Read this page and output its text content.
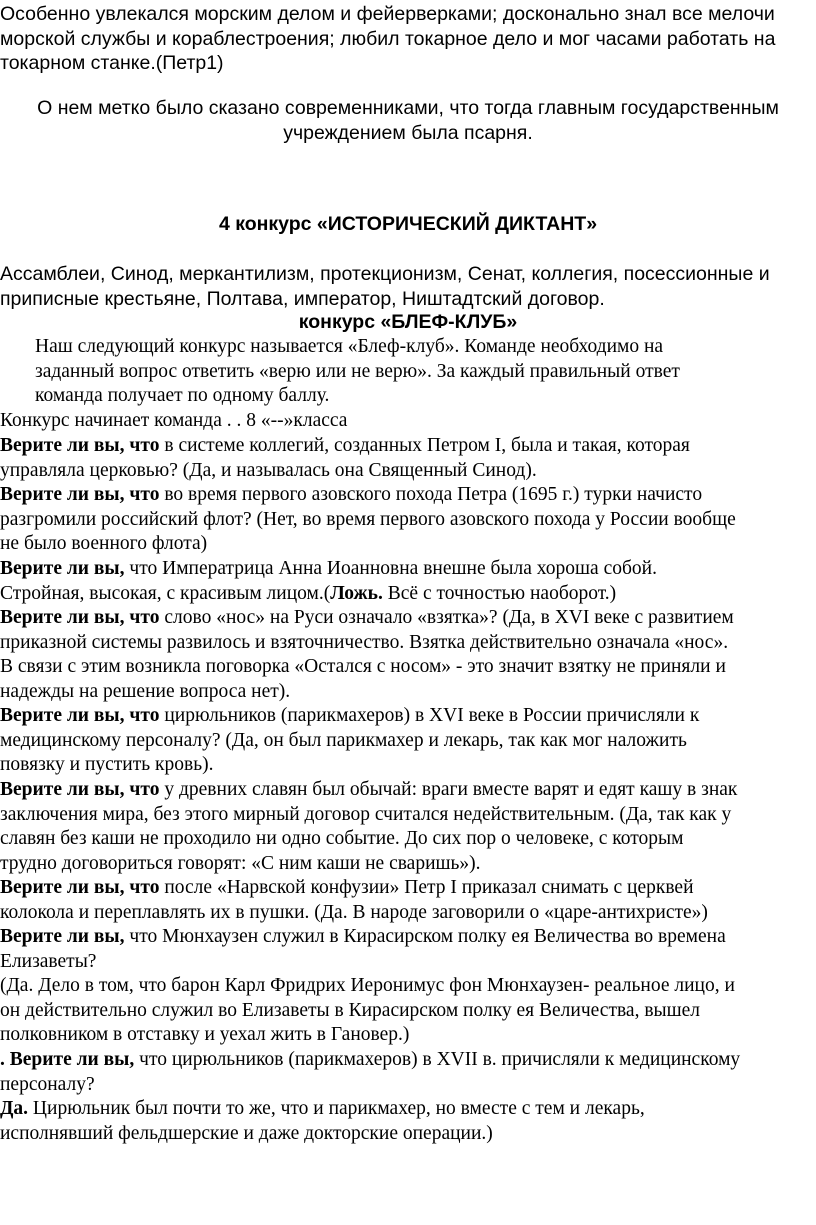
Особенно увлекался морским делом и фейерверками; досконально знал все мелочи
морской службы и кораблестроения; любил токарное дело и мог часами работать на
токарном станке.(Петр1)
О нем метко было сказано современниками, что тогда главным государственным
учреждением была псарня.
4 конкурс «ИСТОРИЧЕСКИЙ ДИКТАНТ»
Ассамблеи, Синод, меркантилизм, протекционизм, Сенат, коллегия, посессионные и
приписные крестьяне, Полтава, император, Ништадтский договор.
конкурс «БЛЕФ-КЛУБ»
Наш следующий конкурс называется «Блеф-клуб». Команде необходимо на
заданный вопрос ответить «верю или не верю». За каждый правильный ответ
команда получает по одному баллу.
Конкурс начинает команда . . 8 «--»класса
Верите ли вы, что в системе коллегий, созданных Петром I, была и такая, которая
управляла церковью? (Да, и называлась она Священный Синод).
Верите ли вы, что во время первого азовского похода Петра (1695 г.) турки начисто
разгромили российский флот? (Нет, во время первого азовского похода у России вообще
не было военного флота)
Верите ли вы, что Императрица Анна Иоанновна внешне была хороша собой.
Стройная, высокая, с красивым лицом.(Ложь. Всё с точностью наоборот.)
Верите ли вы, что слово «нос» на Руси означало «взятка»? (Да, в XVI веке с развитием
приказной системы развилось и взяточничество. Взятка действительно означала «нос».
В связи с этим возникла поговорка «Остался с носом» - это значит взятку не приняли и
надежды на решение вопроса нет).
Верите ли вы, что цирюльников (парикмахеров) в XVI веке в России причисляли к
медицинскому персоналу? (Да, он был парикмахер и лекарь, так как мог наложить
повязку и пустить кровь).
Верите ли вы, что у древних славян был обычай: враги вместе варят и едят кашу в знак
заключения мира, без этого мирный договор считался недействительным. (Да, так как у
славян без каши не проходило ни одно событие. До сих пор о человеке, с которым
трудно договориться говорят: «С ним каши не сваришь»).
Верите ли вы, что после «Нарвской конфузии» Петр I приказал снимать с церквей
колокола и переплавлять их в пушки. (Да. В народе заговорили о «царе-антихристе»)
Верите ли вы, что Мюнхаузен служил в Кирасирском полку ея Величества во времена
Елизаветы?
(Да. Дело в том, что барон Карл Фридрих Иеронимус фон Мюнхаузен- реальное лицо, и
он действительно служил во Елизаветы в Кирасирском полку ея Величества, вышел
полковником в отставку и уехал жить в Гановер.)
. Верите ли вы, что цирюльников (парикмахеров) в XVII в. причисляли к медицинскому
персоналу?
Да. Цирюльник был почти то же, что и парикмахер, но вместе с тем и лекарь,
исполнявший фельдшерские и даже докторские операции.)
